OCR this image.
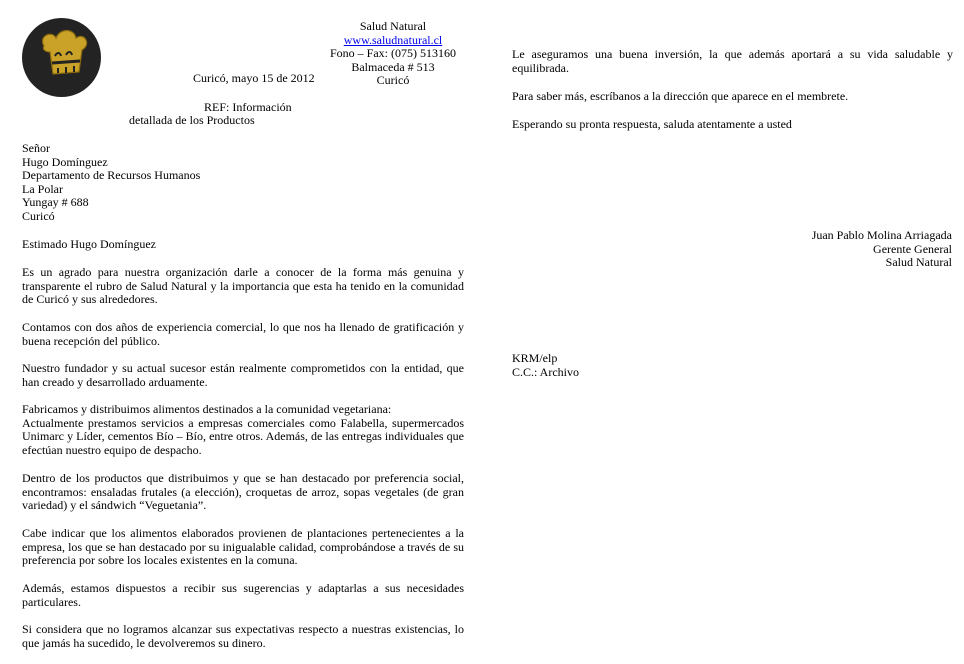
Salud Natural
www.saludnatural.cl
Fono – Fax: (075) 513160
Balmaceda # 513
Curicó
Curicó, mayo 15 de 2012
REF: Información
detallada de los Productos
Señor
Hugo Domínguez
Departamento de Recursos Humanos
La Polar
Yungay # 688
Curicó
Estimado Hugo Domínguez
Es un agrado para nuestra organización darle a conocer de la forma más genuina y
transparente el rubro de Salud Natural y la importancia que esta ha tenido en la comunidad
de Curicó y sus alrededores.
Contamos con dos años de experiencia comercial, lo que nos ha llenado de gratificación y
buena recepción del público.
Nuestro fundador y su actual sucesor están realmente comprometidos con la entidad, que
han creado y desarrollado arduamente.
Fabricamos y distribuimos alimentos destinados a la comunidad vegetariana:
Actualmente prestamos servicios a empresas comerciales como Falabella, supermercados
Unimarc y Líder, cementos Bío – Bío, entre otros. Además, de las entregas individuales que
efectúan nuestro equipo de despacho.
Dentro de los productos que distribuimos y que se han destacado por preferencia social,
encontramos: ensaladas frutales (a elección), croquetas de arroz, sopas vegetales (de gran
variedad) y el sándwich “Veguetania”.
Cabe indicar que los alimentos elaborados provienen de plantaciones pertenecientes a la
empresa, los que se han destacado por su inigualable calidad, comprobándose a través de su
preferencia por sobre los locales existentes en la comuna.
Además, estamos dispuestos a recibir sus sugerencias y adaptarlas a sus necesidades
particulares.
Si considera que no logramos alcanzar sus expectativas respecto a nuestras existencias, lo
que jamás ha sucedido, le devolveremos su dinero.
Le aseguramos una buena inversión, la que además aportará a su vida saludable y
equilibrada.
Para saber más, escríbanos a la dirección que aparece en el membrete.
Esperando su pronta respuesta, saluda atentamente a usted
Juan Pablo Molina Arriagada
Gerente General
Salud Natural
KRM/elp
C.C.: Archivo
